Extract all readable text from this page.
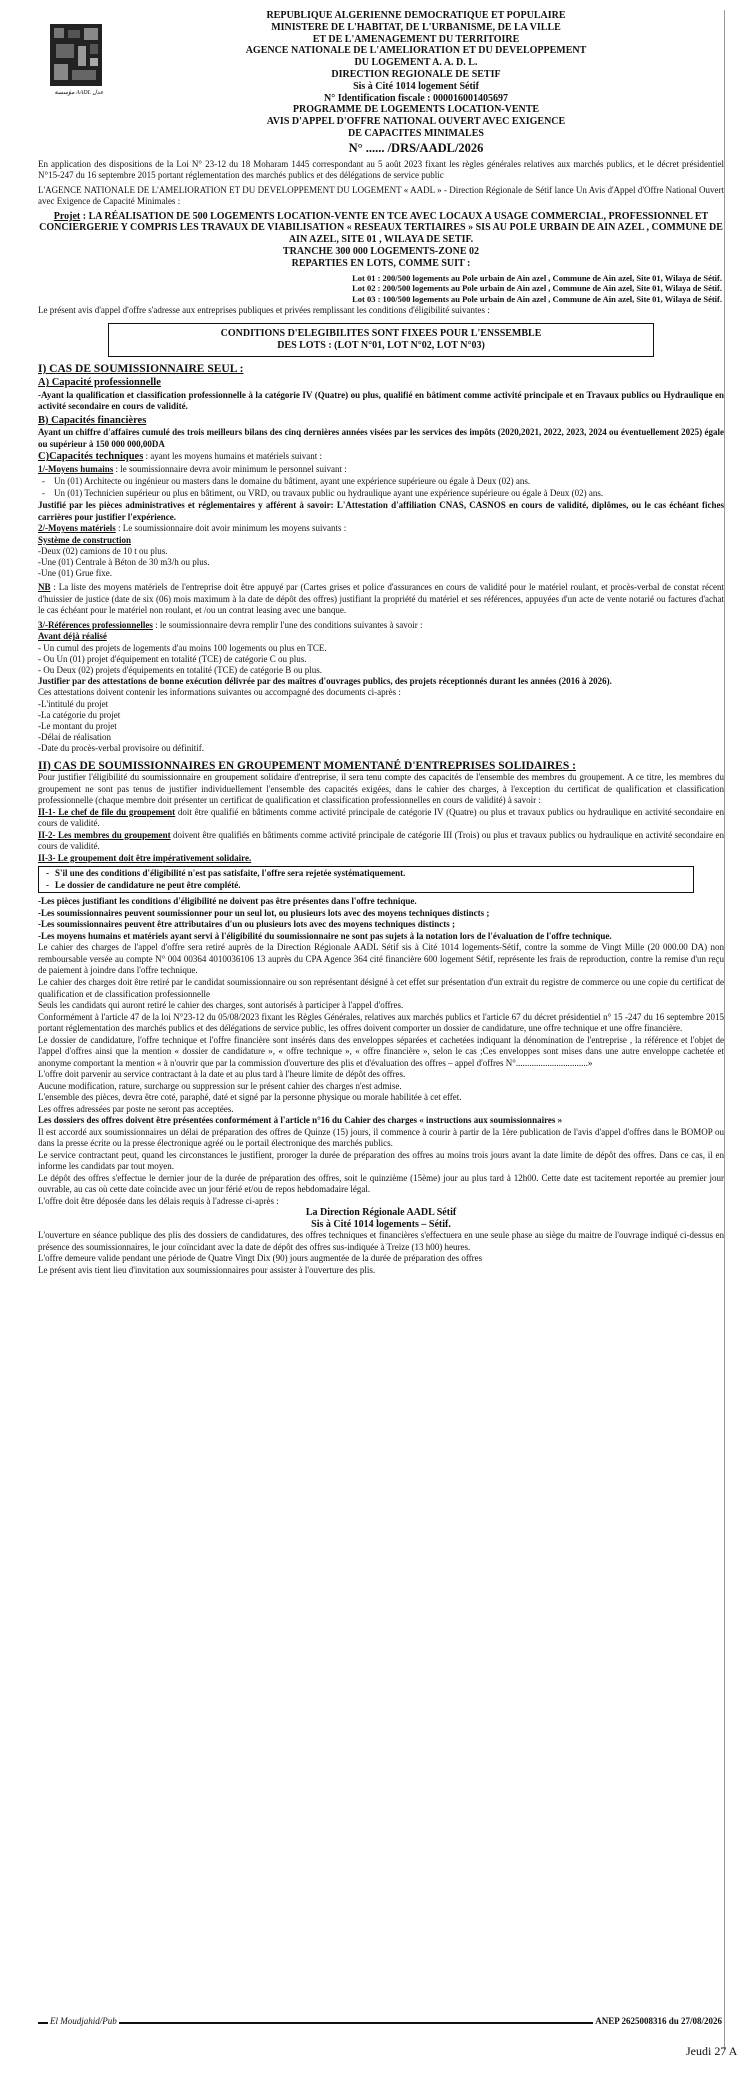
مؤسسة AADL عدل
REPUBLIQUE ALGERIENNE DEMOCRATIQUE ET POPULAIRE
MINISTERE DE L'HABITAT, DE L'URBANISME, DE LA VILLE
ET DE L'AMENAGEMENT DU TERRITOIRE
AGENCE NATIONALE DE L'AMELIORATION ET DU DEVELOPPEMENT
DU LOGEMENT A. A. D. L.
DIRECTION REGIONALE DE SETIF
Sis à Cité 1014 logement Sétif
N° Identification fiscale : 000016001405697
PROGRAMME DE LOGEMENTS LOCATION-VENTE
AVIS D'APPEL D'OFFRE NATIONAL OUVERT AVEC EXIGENCE
DE CAPACITES MINIMALES
N° ...... /DRS/AADL/2026

En application des dispositions de la Loi N° 23-12 du 18 Moharam 1445 correspondant au 5 août 2023 fixant les règles générales relatives aux marchés publics, et le décret présidentiel N°15-247 du 16 septembre 2015 portant réglementation des marchés publics et des délégations de service public

L'AGENCE NATIONALE DE L'AMELIORATION ET DU DEVELOPPEMENT DU LOGEMENT « AADL » - Direction Régionale de Sétif lance Un Avis d'Appel d'Offre National Ouvert avec Exigence de Capacité Minimales :

Projet : LA RÉALISATION DE 500 LOGEMENTS LOCATION-VENTE EN TCE AVEC LOCAUX A USAGE COMMERCIAL, PROFESSIONNEL ET CONCIERGERIE Y COMPRIS LES TRAVAUX DE VIABILISATION « RESEAUX TERTIAIRES » SIS AU POLE URBAIN DE AIN AZEL , COMMUNE DE AIN AZEL, SITE 01 , WILAYA DE SETIF.
TRANCHE 300 000 LOGEMENTS-ZONE 02
REPARTIES EN LOTS, COMME SUIT :
Lot 01 : 200/500 logements au Pole urbain de Ain azel , Commune de Ain azel, Site 01, Wilaya de Sétif.
Lot 02 : 200/500 logements au Pole urbain de Ain azel , Commune de Ain azel, Site 01, Wilaya de Sétif.
Lot 03 : 100/500 logements au Pole urbain de Ain azel , Commune de Ain azel, Site 01, Wilaya de Sétif.

Le présent avis d'appel d'offre s'adresse aux entreprises publiques et privées remplissant les conditions d'éligibilité suivantes :

CONDITIONS D'ELEGIBILITES SONT FIXEES POUR L'ENSSEMBLE
DES LOTS : (LOT N°01, LOT N°02, LOT N°03)
I) CAS DE SOUMISSIONNAIRE SEUL :
A) Capacité professionnelle

-Ayant la qualification et classification professionnelle à la catégorie IV (Quatre) ou plus, qualifié en bâtiment comme activité principale et en Travaux publics ou Hydraulique en activité secondaire en cours de validité.

B) Capacités financières

Ayant un chiffre d'affaires cumulé des trois meilleurs bilans des cinq dernières années visées par les services des impôts (2020,2021, 2022, 2023, 2024 ou éventuellement 2025) égale ou supérieur à 150 000 000,00DA

C)Capacités techniques : ayant les moyens humains et matériels suivant :

1/-Moyens humains : le soumissionnaire devra avoir minimum le personnel suivant :

- Un (01) Architecte ou ingénieur ou masters dans le domaine du bâtiment, ayant une expérience supérieure ou égale à Deux (02) ans.
- Un (01) Technicien supérieur ou plus en bâtiment, ou VRD, ou travaux public ou hydraulique ayant une expérience supérieure ou égale à Deux (02) ans.

Justifié par les pièces administratives et réglementaires y afférent à savoir: L'Attestation d'affiliation CNAS, CASNOS en cours de validité, diplômes, ou le cas échéant fiches carrières pour justifier l'expérience.

2/-Moyens matériels : Le soumissionnaire doit avoir minimum les moyens suivants :

Système de construction

-Deux (02) camions de 10 t ou plus.
-Une (01) Centrale à Béton de 30 m3/h ou plus.
-Une (01) Grue fixe.

NB : La liste des moyens matériels de l'entreprise doit être appuyé par (Cartes grises et police d'assurances en cours de validité pour le matériel roulant, et procès-verbal de constat récent d'huissier de justice (date de six (06) mois maximum à la date de dépôt des offres) justifiant la propriété du matériel et ses références, appuyées d'un acte de vente notarié ou factures d'achat le cas échéant pour le matériel non roulant, et /ou un contrat leasing avec une banque.

3/-Références professionnelles : le soumissionnaire devra remplir l'une des conditions suivantes à savoir :

Avant déjà réalisé

- Un cumul des projets de logements d'au moins 100 logements ou plus en TCE.
- Ou Un (01) projet d'équipement en totalité (TCE) de catégorie C ou plus.
- Ou Deux (02) projets d'équipements en totalité (TCE) de catégorie B ou plus.

Justifier par des attestations de bonne exécution délivrée par des maîtres d'ouvrages publics, des projets réceptionnés durant les années (2016 à 2026).

Ces attestations doivent contenir les informations suivantes ou accompagné des documents ci-après :

-L'intitulé du projet
-La catégorie du projet
-Le montant du projet
-Délai de réalisation
-Date du procès-verbal provisoire ou définitif.
II) CAS DE SOUMISSIONNAIRES EN GROUPEMENT MOMENTANÉ D'ENTREPRISES SOLIDAIRES :

Pour justifier l'éligibilité du soumissionnaire en groupement solidaire d'entreprise, il sera tenu compte des capacités de l'ensemble des membres du groupement. A ce titre, les membres du groupement ne sont pas tenus de justifier individuellement l'ensemble des capacités exigées, dans le cahier des charges, à l'exception du certificat de qualification et classification professionnelle (chaque membre doit présenter un certificat de qualification et classification professionnelles en cours de validité) à savoir :

II-1- Le chef de file du groupement doit être qualifié en bâtiments comme activité principale de catégorie IV (Quatre) ou plus et travaux publics ou hydraulique en activité secondaire en cours de validité.

II-2- Les membres du groupement doivent être qualifiés en bâtiments comme activité principale de catégorie III (Trois) ou plus et travaux publics ou hydraulique en activité secondaire en cours de validité.

II-3- Le groupement doit être impérativement solidaire.

- S'il une des conditions d'éligibilité n'est pas satisfaite, l'offre sera rejetée systématiquement.
- Le dossier de candidature ne peut être complété.

-Les pièces justifiant les conditions d'éligibilité ne doivent pas être présentes dans l'offre technique.

-Les soumissionnaires peuvent soumissionner pour un seul lot, ou plusieurs lots avec des moyens techniques distincts ;

-Les soumissionnaires peuvent être attributaires d'un ou plusieurs lots avec des moyens techniques distincts ;

-Les moyens humains et matériels ayant servi à l'éligibilité du soumissionnaire ne sont pas sujets à la notation lors de l'évaluation de l'offre technique.

Le cahier des charges de l'appel d'offre sera retiré auprès de la Direction Régionale AADL Sétif sis à Cité 1014 logements-Sétif, contre la somme de Vingt Mille (20 000.00 DA) non remboursable versée au compte N° 004 00364 4010036106 13 auprès du CPA Agence 364 cité financière 600 logement Sétif, représente les frais de reproduction, contre la remise d'un reçu de paiement à joindre dans l'offre technique.

Le cahier des charges doit être retiré par le candidat soumissionnaire ou son représentant désigné à cet effet sur présentation d'un extrait du registre de commerce ou une copie du certificat de qualification et de classification professionnelle

Seuls les candidats qui auront retiré le cahier des charges, sont autorisés à participer à l'appel d'offres.

Conformément à l'article 47 de la loi N°23-12 du 05/08/2023 fixant les Règles Générales, relatives aux marchés publics et l'article 67 du décret présidentiel n° 15 -247 du 16 septembre 2015 portant réglementation des marchés publics et des délégations de service public, les offres doivent comporter un dossier de candidature, une offre technique et une offre financière.

Le dossier de candidature, l'offre technique et l'offre financière sont insérés dans des enveloppes séparées et cachetées indiquant la dénomination de l'entreprise , la référence et l'objet de l'appel d'offres ainsi que la mention « dossier de candidature », « offre technique », « offre financière », selon le cas ;Ces enveloppes sont mises dans une autre enveloppe cachetée et anonyme comportant la mention « à n'ouvrir que par la commission d'ouverture des plis et d'évaluation des offres – appel d'offres N°................................»

L'offre doit parvenir au service contractant à la date et au plus tard à l'heure limite de dépôt des offres.

Aucune modification, rature, surcharge ou suppression sur le présent cahier des charges n'est admise.

L'ensemble des pièces, devra être coté, paraphé, daté et signé par la personne physique ou morale habilitée à cet effet.

Les offres adressées par poste ne seront pas acceptées.

Les dossiers des offres doivent être présentées conformément à l'article n°16 du Cahier des charges « instructions aux soumissionnaires »

Il est accordé aux soumissionnaires un délai de préparation des offres de Quinze (15) jours, il commence à courir à partir de la 1ère publication de l'avis d'appel d'offres dans le BOMOP ou dans la presse écrite ou la presse électronique agréé ou le portail électronique des marchés publics.

Le service contractant peut, quand les circonstances le justifient, proroger la durée de préparation des offres au moins trois jours avant la date limite de dépôt des offres. Dans ce cas, il en informe les candidats par tout moyen.

Le dépôt des offres s'effectue le dernier jour de la durée de préparation des offres, soit le quinzième (15ème) jour au plus tard à 12h00. Cette date est tacitement reportée au premier jour ouvrable, au cas où cette date coïncide avec un jour férié et/ou de repos hebdomadaire légal.

L'offre doit être déposée dans les délais requis à l'adresse ci-après :

La Direction Régionale AADL Sétif
Sis à Cité 1014 logements – Sétif.

L'ouverture en séance publique des plis des dossiers de candidatures, des offres techniques et financières s'effectuera en une seule phase au siège du maitre de l'ouvrage indiqué ci-dessus en présence des soumissionnaires, le jour coïncidant avec la date de dépôt des offres sus-indiquée à Treize (13 h00) heures.

L'offre demeure valide pendant une période de Quatre Vingt Dix (90) jours augmentée de la durée de préparation des offres

Le présent avis tient lieu d'invitation aux soumissionnaires pour assister à l'ouverture des plis.

El Moudjahid/Pub	ANEP 2625008316 du 27/08/2026
Jeudi 27 A
